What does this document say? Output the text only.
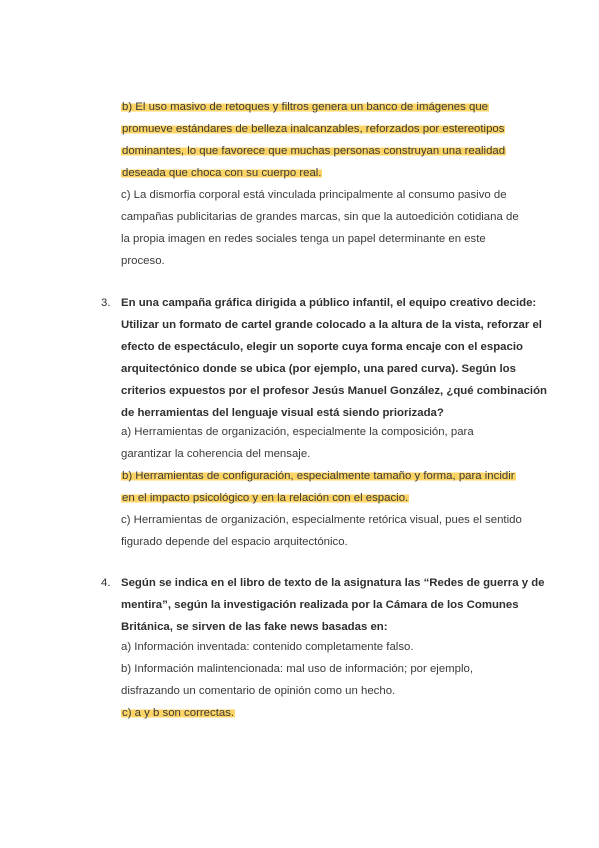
b) El uso masivo de retoques y filtros genera un banco de imágenes que
promueve estándares de belleza inalcanzables, reforzados por estereotipos
dominantes, lo que favorece que muchas personas construyan una realidad
deseada que choca con su cuerpo real.
c) La dismorfia corporal está vinculada principalmente al consumo pasivo de
campañas publicitarias de grandes marcas, sin que la autoedición cotidiana de
la propia imagen en redes sociales tenga un papel determinante en este
proceso.
3. En una campaña gráfica dirigida a público infantil, el equipo creativo decide:
Utilizar un formato de cartel grande colocado a la altura de la vista, reforzar el
efecto de espectáculo, elegir un soporte cuya forma encaje con el espacio
arquitectónico donde se ubica (por ejemplo, una pared curva). Según los
criterios expuestos por el profesor Jesús Manuel González, ¿qué combinación
de herramientas del lenguaje visual está siendo priorizada?
a) Herramientas de organización, especialmente la composición, para
garantizar la coherencia del mensaje.
b) Herramientas de configuración, especialmente tamaño y forma, para incidir
en el impacto psicológico y en la relación con el espacio.
c) Herramientas de organización, especialmente retórica visual, pues el sentido
figurado depende del espacio arquitectónico.
4. Según se indica en el libro de texto de la asignatura las “Redes de guerra y de
mentira”, según la investigación realizada por la Cámara de los Comunes
Británica, se sirven de las fake news basadas en:
a) Información inventada: contenido completamente falso.
b) Información malintencionada: mal uso de información; por ejemplo,
disfrazando un comentario de opinión como un hecho.
c) a y b son correctas.
